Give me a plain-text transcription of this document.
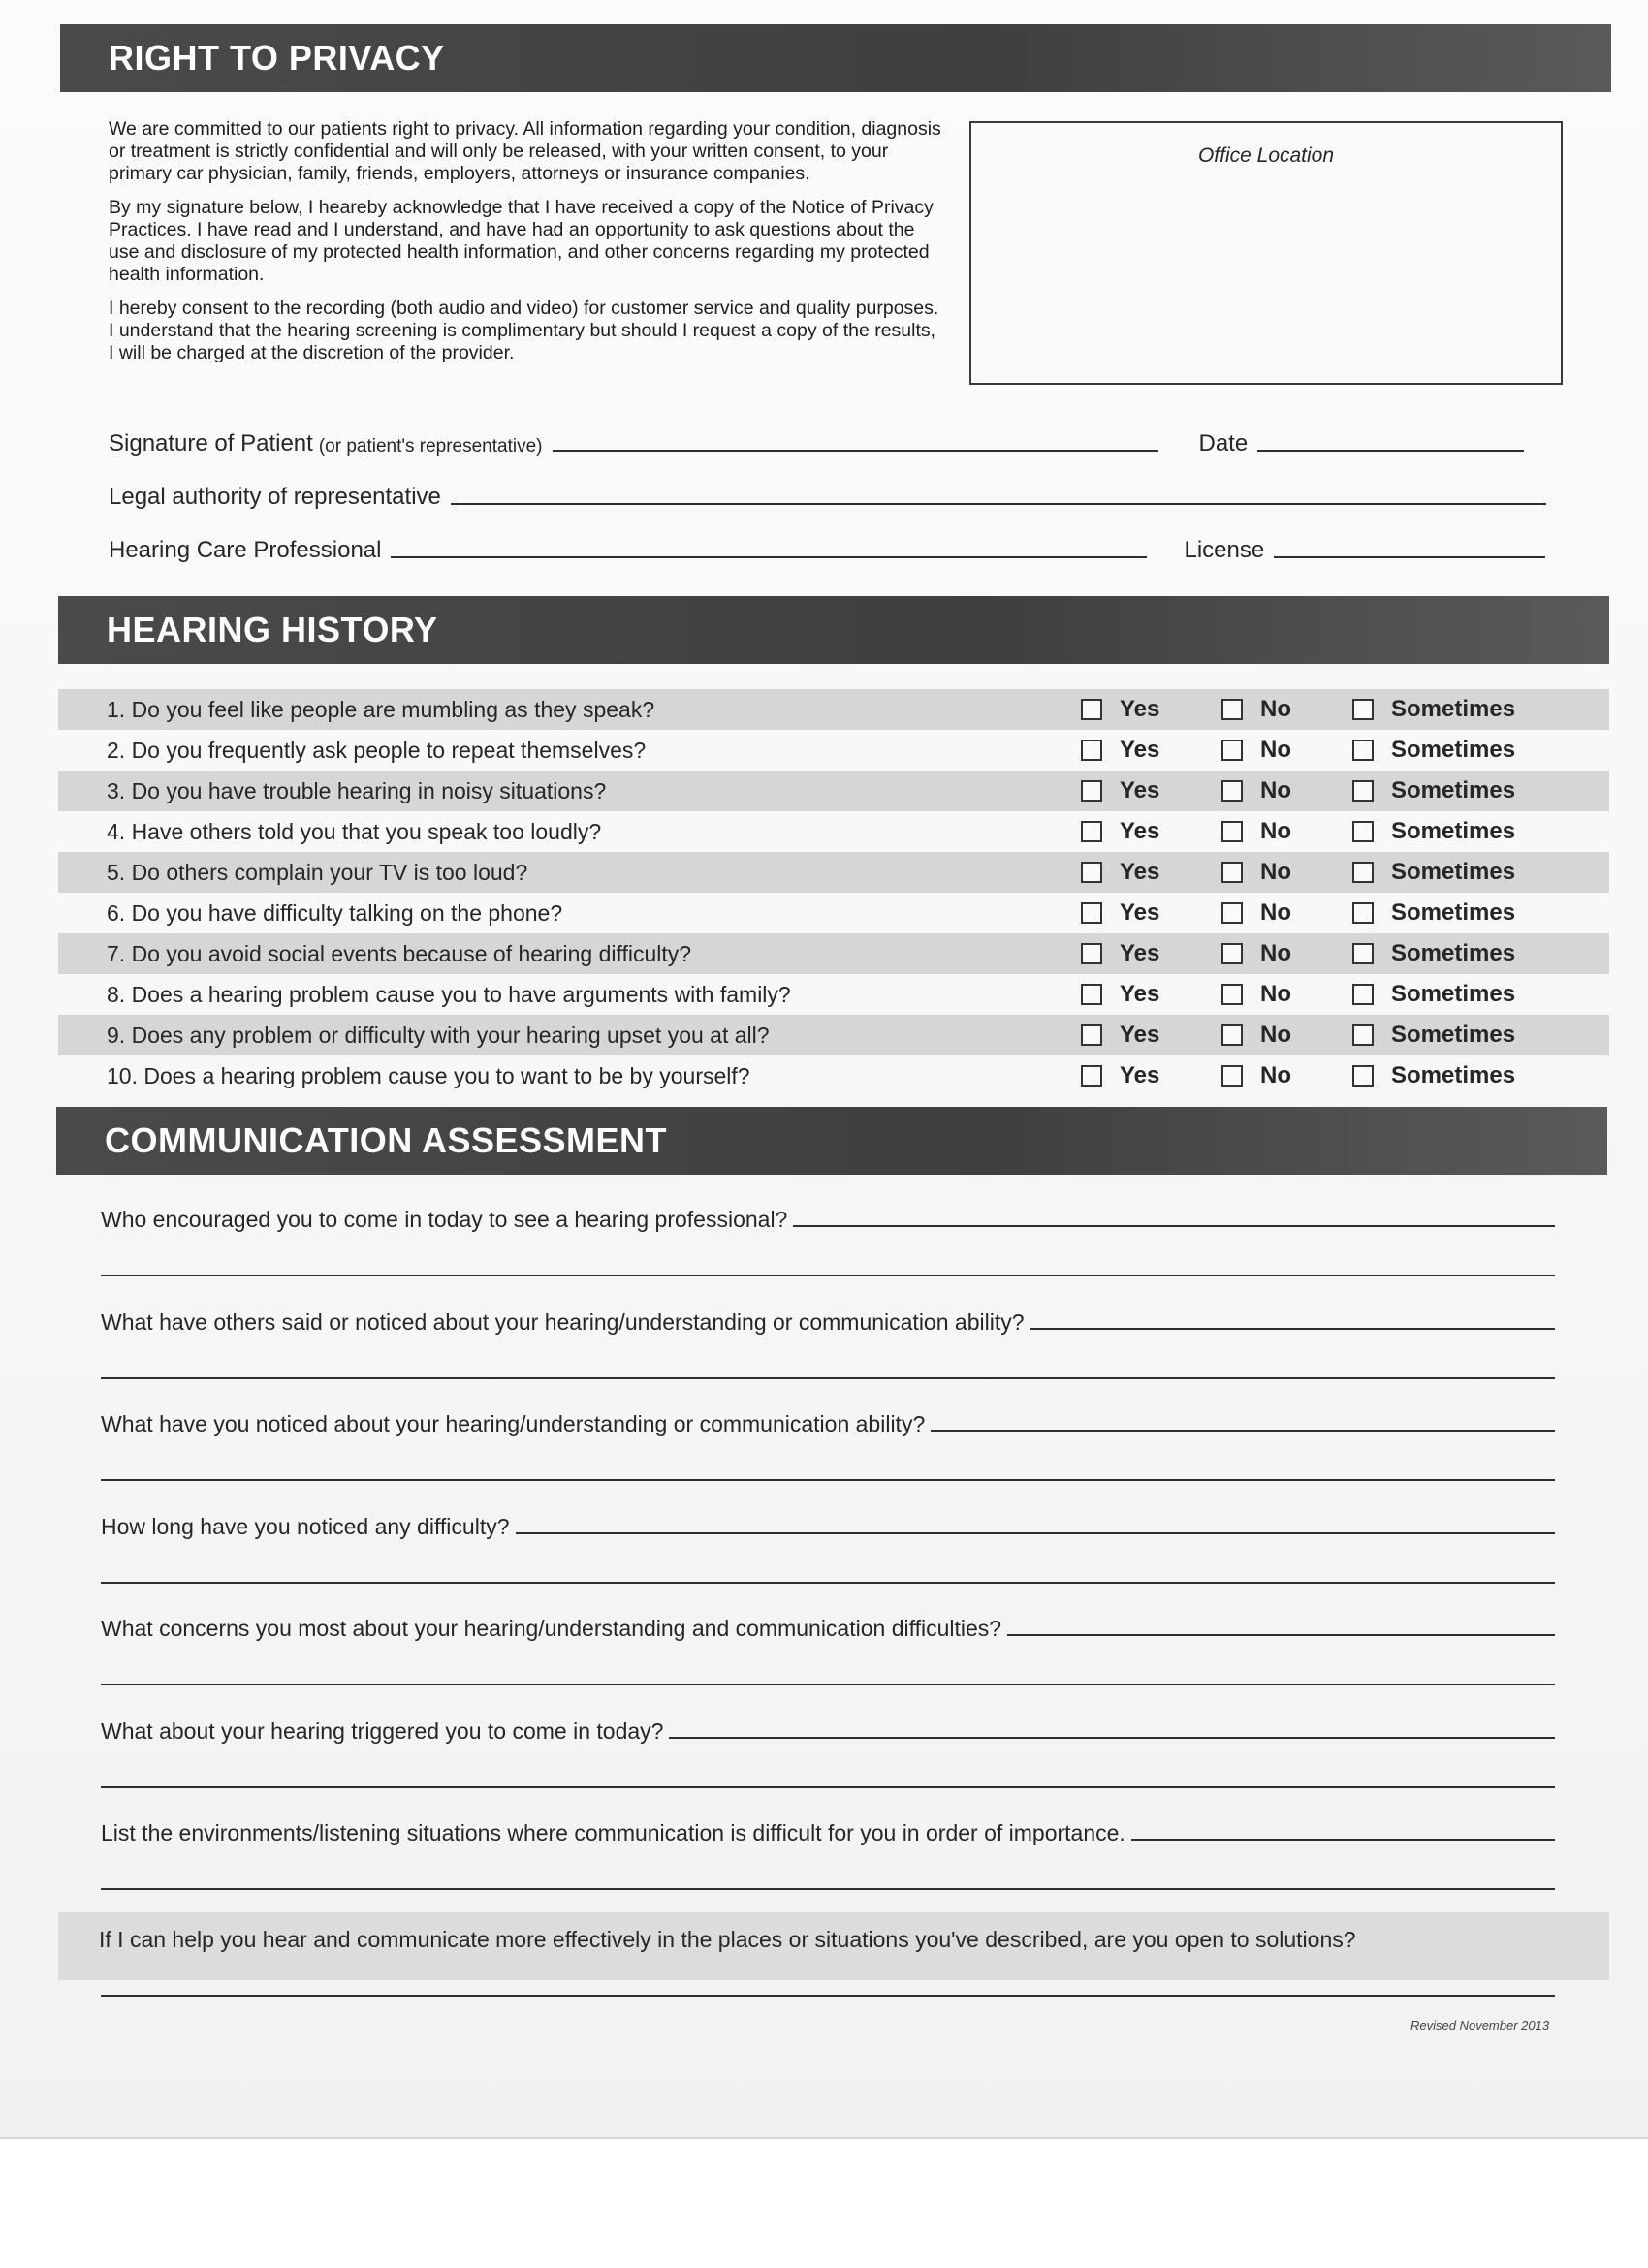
RIGHT TO PRIVACY

We are committed to our patients right to privacy. All information regarding your condition, diagnosis or treatment is strictly confidential and will only be released, with your written consent, to your primary car physician, family, friends, employers, attorneys or insurance companies.

By my signature below, I heareby acknowledge that I have received a copy of the Notice of Privacy Practices. I have read and I understand, and have had an opportunity to ask questions about the use and disclosure of my protected health information, and other concerns regarding my protected health information.

I hereby consent to the recording (both audio and video) for customer service and quality purposes. I understand that the hearing screening is complimentary but should I request a copy of the results, I will be charged at the discretion of the provider.

Office Location
Signature of Patient (or patient's representative)	Date
Legal authority of representative
Hearing Care Professional	License
HEARING HISTORY
1. Do you feel like people are mumbling as they speak?	Yes	No	Sometimes
2. Do you frequently ask people to repeat themselves?	Yes	No	Sometimes
3. Do you have trouble hearing in noisy situations?	Yes	No	Sometimes
4. Have others told you that you speak too loudly?	Yes	No	Sometimes
5. Do others complain your TV is too loud?	Yes	No	Sometimes
6. Do you have difficulty talking on the phone?	Yes	No	Sometimes
7. Do you avoid social events because of hearing difficulty?	Yes	No	Sometimes
8. Does a hearing problem cause you to have arguments with family?	Yes	No	Sometimes
9. Does any problem or difficulty with your hearing upset you at all?	Yes	No	Sometimes
10. Does a hearing problem cause you to want to be by yourself?	Yes	No	Sometimes
COMMUNICATION ASSESSMENT
Who encouraged you to come in today to see a hearing professional?
What have others said or noticed about your hearing/understanding or communication ability?
What have you noticed about your hearing/understanding or communication ability?
How long have you noticed any difficulty?
What concerns you most about your hearing/understanding and communication difficulties?
What about your hearing triggered you to come in today?
List the environments/listening situations where communication is difficult for you in order of importance.
If I can help you hear and communicate more effectively in the places or situations you've described, are you open to solutions?
Revised November 2013
